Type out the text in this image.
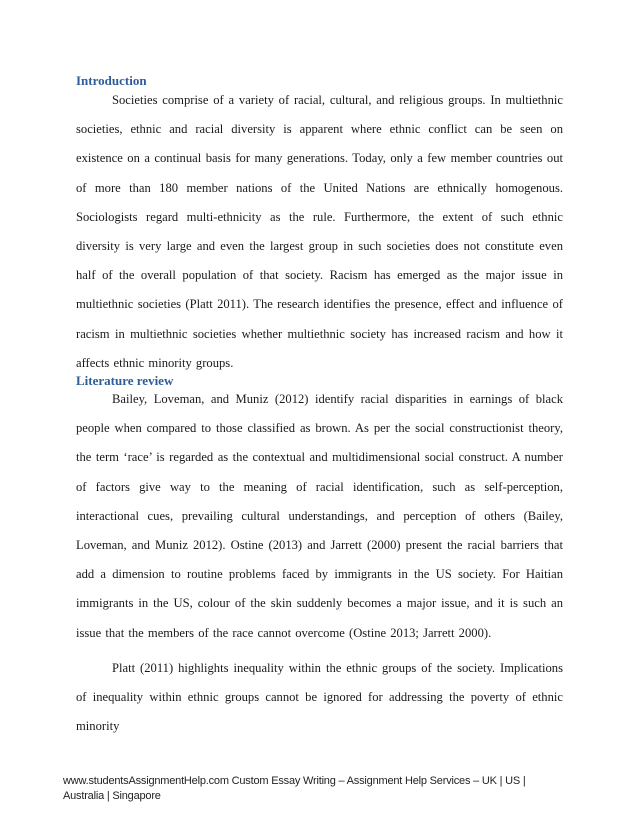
Introduction

Societies comprise of a variety of racial, cultural, and religious groups. In multiethnic societies, ethnic and racial diversity is apparent where ethnic conflict can be seen on existence on a continual basis for many generations. Today, only a few member countries out of more than 180 member nations of the United Nations are ethnically homogenous. Sociologists regard multi-ethnicity as the rule. Furthermore, the extent of such ethnic diversity is very large and even the largest group in such societies does not constitute even half of the overall population of that society. Racism has emerged as the major issue in multiethnic societies (Platt 2011). The research identifies the presence, effect and influence of racism in multiethnic societies whether multiethnic society has increased racism and how it affects ethnic minority groups.

Literature review

Bailey, Loveman, and Muniz (2012) identify racial disparities in earnings of black people when compared to those classified as brown. As per the social constructionist theory, the term ‘race’ is regarded as the contextual and multidimensional social construct. A number of factors give way to the meaning of racial identification, such as self-perception, interactional cues, prevailing cultural understandings, and perception of others (Bailey, Loveman, and Muniz 2012). Ostine (2013) and Jarrett (2000) present the racial barriers that add a dimension to routine problems faced by immigrants in the US society. For Haitian immigrants in the US, colour of the skin suddenly becomes a major issue, and it is such an issue that the members of the race cannot overcome (Ostine 2013; Jarrett 2000).

Platt (2011) highlights inequality within the ethnic groups of the society. Implications of inequality within ethnic groups cannot be ignored for addressing the poverty of ethnic minority

www.studentsAssignmentHelp.com Custom Essay Writing – Assignment Help Services – UK | US | Australia | Singapore
